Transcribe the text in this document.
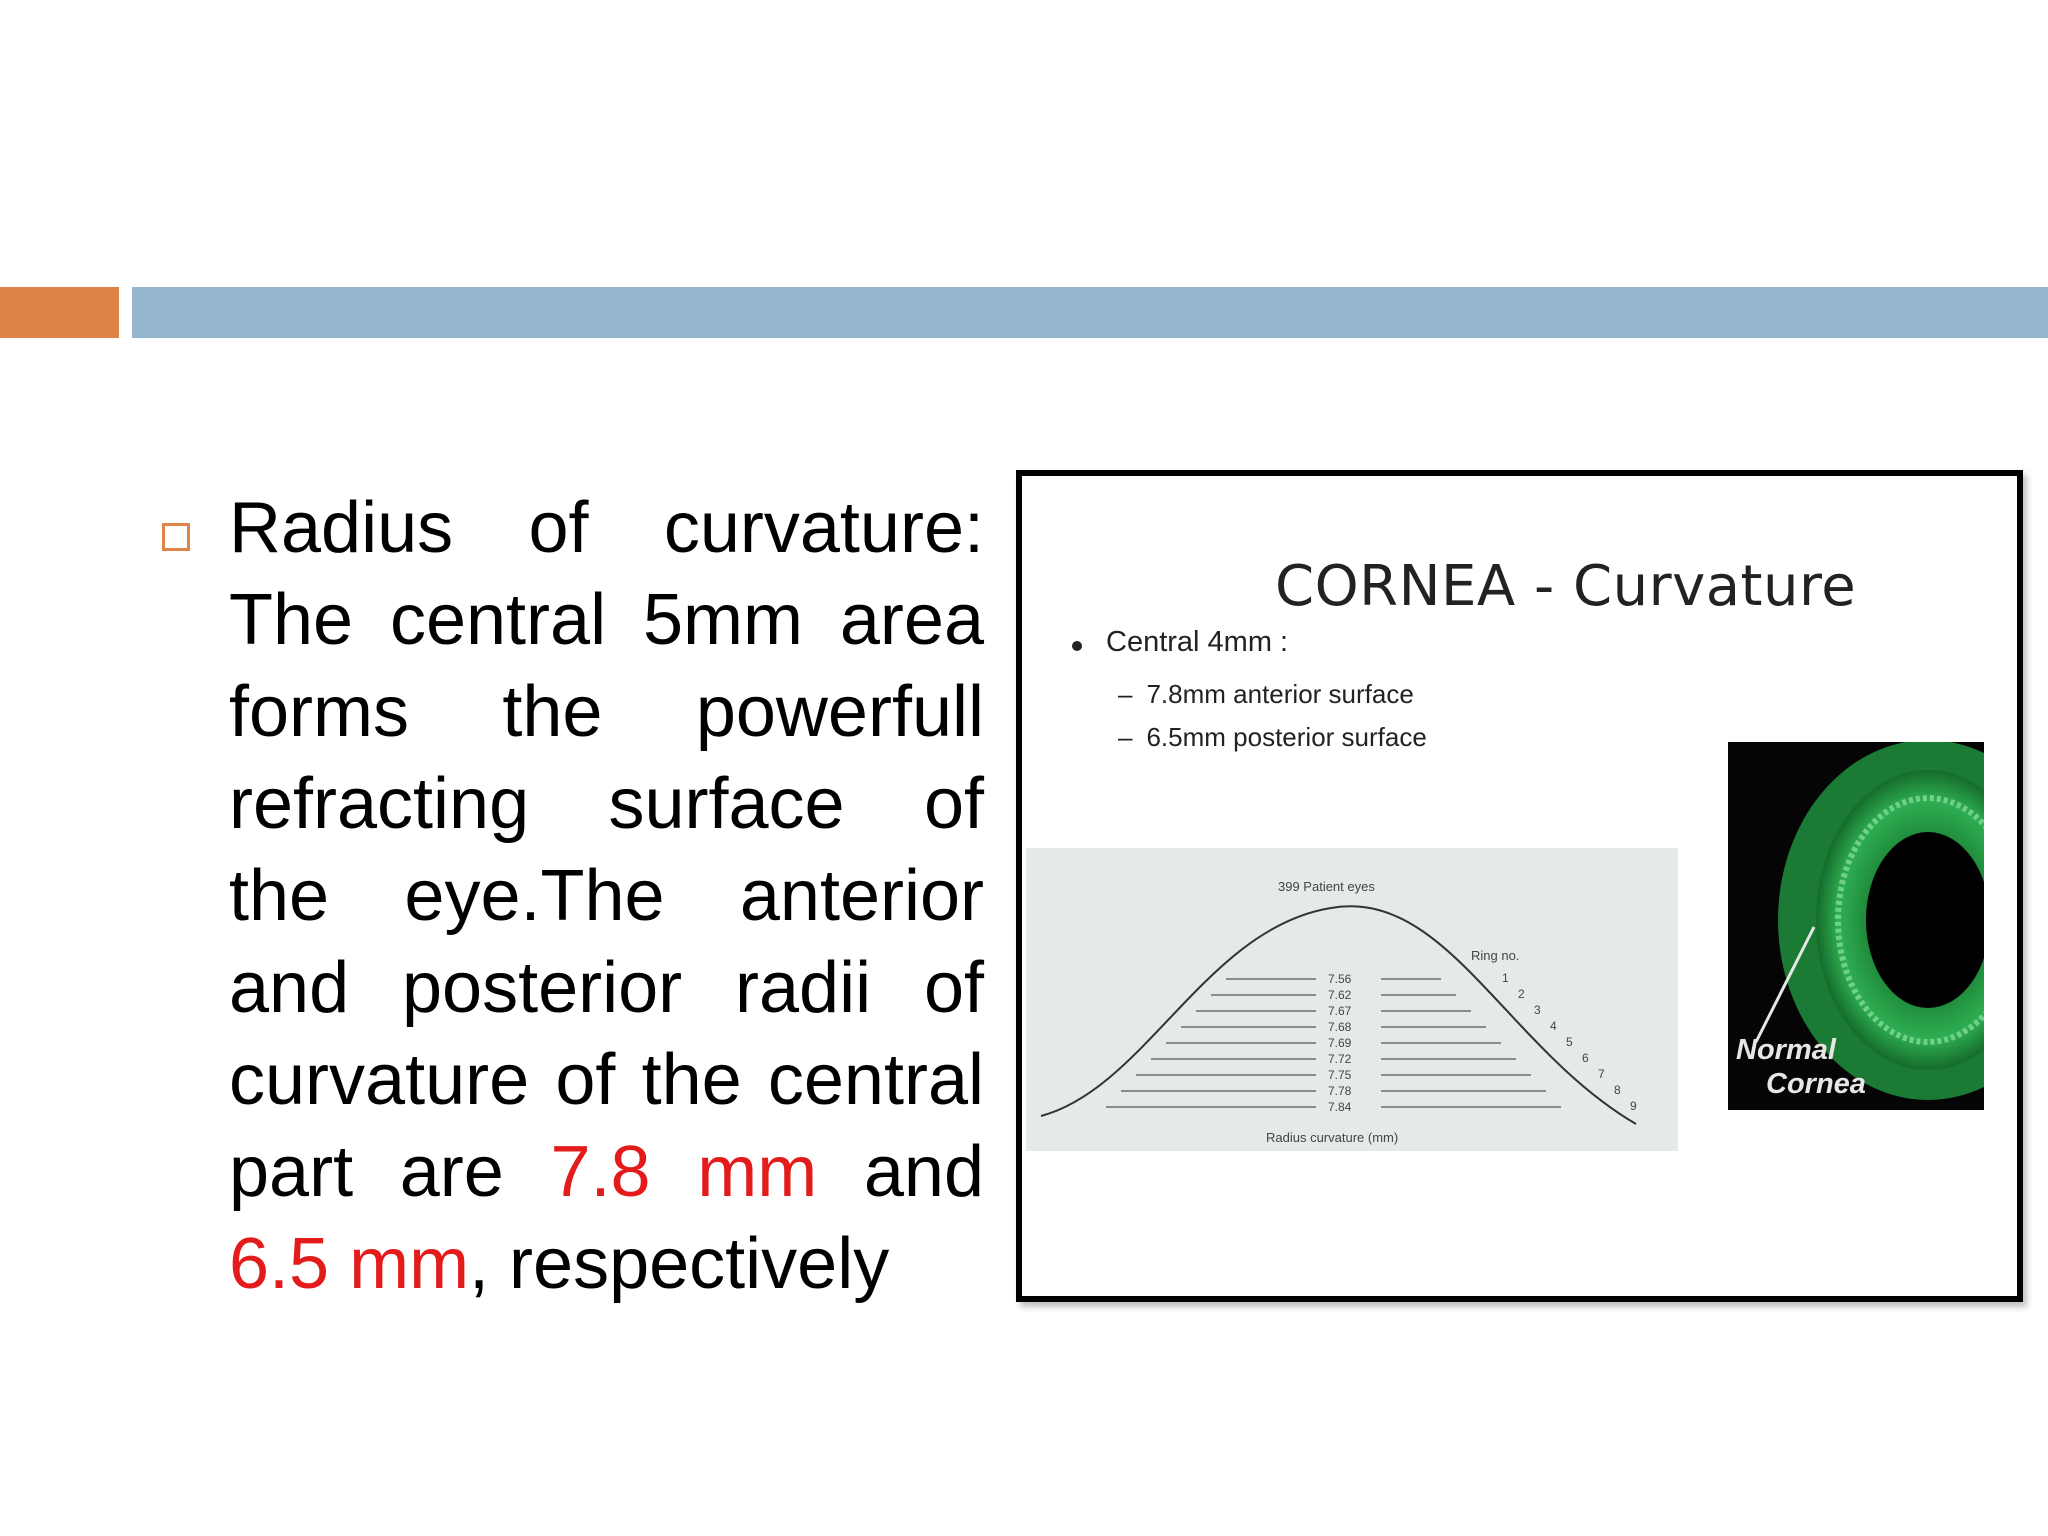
Radius of curvature: The central 5mm area forms the powerfull refracting surface of the eye.The anterior and posterior radii of curvature of the central part are 7.8 mm and 6.5 mm, respectively
CORNEA - Curvature
Central 4mm :
– 7.8mm anterior surface
– 6.5mm posterior surface
399 Patient eyes
Ring no.
Radius curvature (mm)
7.56
7.62
7.67
7.68
7.69
7.72
7.75
7.78
7.84
1
2
3
4
5
6
7
8
9
Normal
Cornea
